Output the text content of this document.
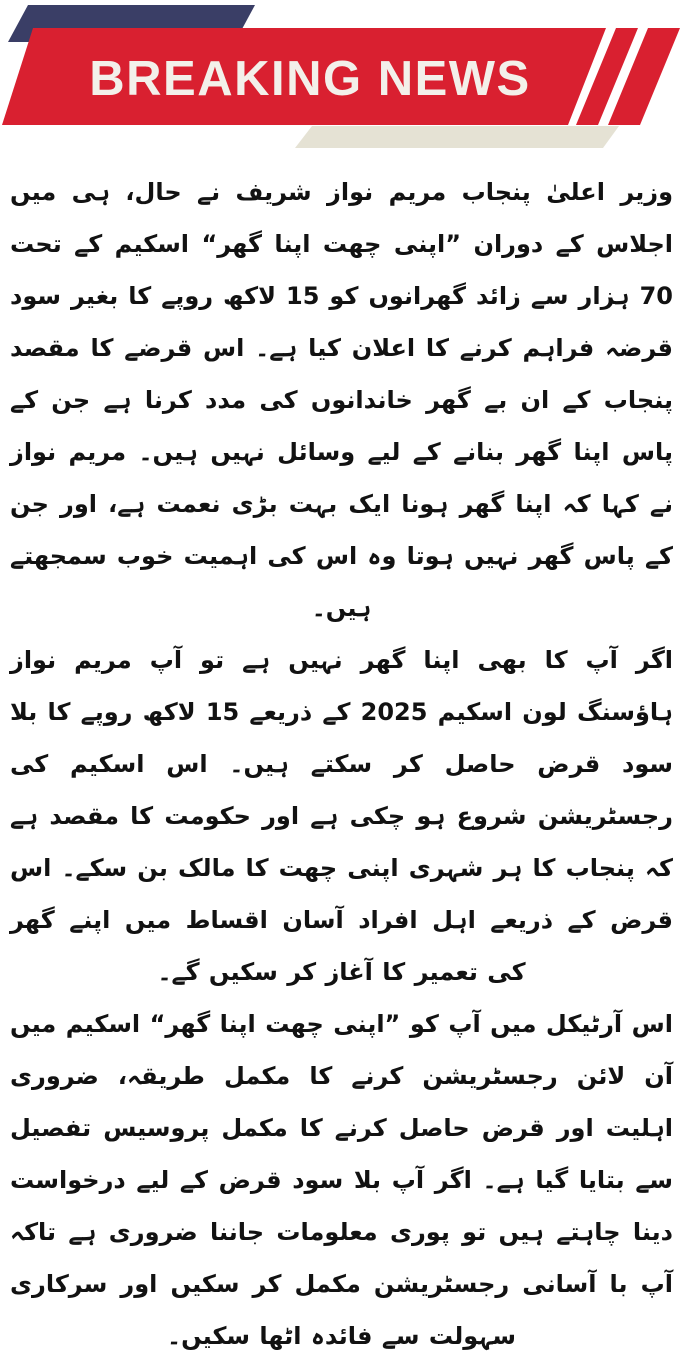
BREAKING NEWS

وزیر اعلیٰ پنجاب مریم نواز شریف نے حال، ہی میں اجلاس کے دوران ”اپنی چھت اپنا گھر“ اسکیم کے تحت 70 ہزار سے زائد گھرانوں کو 15 لاکھ روپے کا بغیر سود قرضہ فراہم کرنے کا اعلان کیا ہے۔ اس قرضے کا مقصد پنجاب کے ان بے گھر خاندانوں کی مدد کرنا ہے جن کے پاس اپنا گھر بنانے کے لیے وسائل نہیں ہیں۔ مریم نواز نے کہا کہ اپنا گھر ہونا ایک بہت بڑی نعمت ہے، اور جن کے پاس گھر نہیں ہوتا وہ اس کی اہمیت خوب سمجھتے ہیں۔

اگر آپ کا بھی اپنا گھر نہیں ہے تو آپ مریم نواز ہاؤسنگ لون اسکیم 2025 کے ذریعے 15 لاکھ روپے کا بلا سود قرض حاصل کر سکتے ہیں۔ اس اسکیم کی رجسٹریشن شروع ہو چکی ہے اور حکومت کا مقصد ہے کہ پنجاب کا ہر شہری اپنی چھت کا مالک بن سکے۔ اس قرض کے ذریعے اہل افراد آسان اقساط میں اپنے گھر کی تعمیر کا آغاز کر سکیں گے۔

اس آرٹیکل میں آپ کو ”اپنی چھت اپنا گھر“ اسکیم میں آن لائن رجسٹریشن کرنے کا مکمل طریقہ، ضروری اہلیت اور قرض حاصل کرنے کا مکمل پروسیس تفصیل سے بتایا گیا ہے۔ اگر آپ بلا سود قرض کے لیے درخواست دینا چاہتے ہیں تو پوری معلومات جاننا ضروری ہے تاکہ آپ با آسانی رجسٹریشن مکمل کر سکیں اور سرکاری سہولت سے فائدہ اٹھا سکیں۔
